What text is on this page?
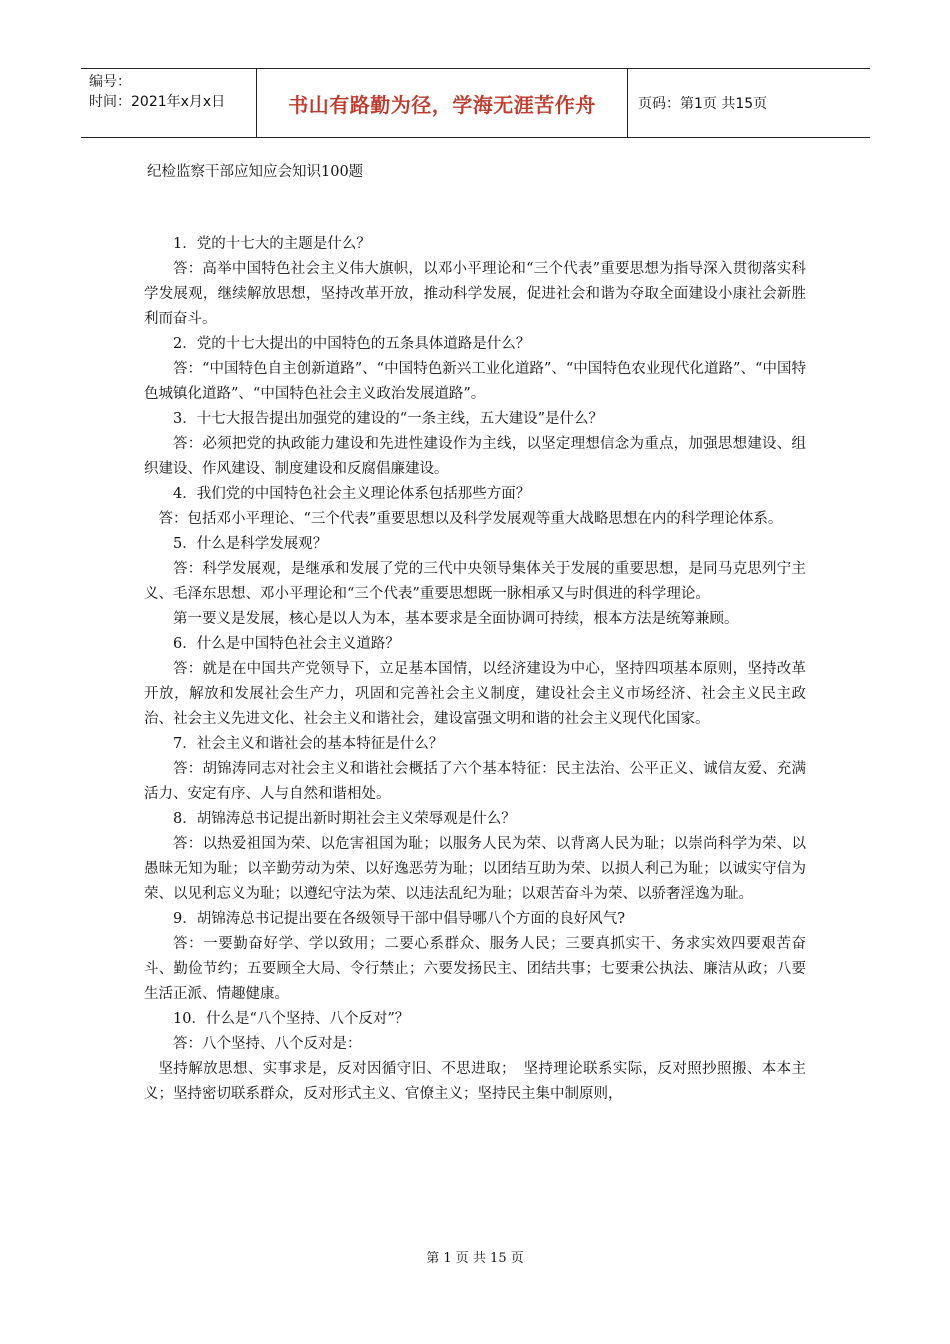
编号：
时间：2021年x月x日	书山有路勤为径，学海无涯苦作舟	页码：第1页 共15页
纪检监察干部应知应会知识100题

1．党的十七大的主题是什么？

答：高举中国特色社会主义伟大旗帜，以邓小平理论和“三个代表”重要思想为指导深入贯彻落实科学发展观，继续解放思想，坚持改革开放，推动科学发展，促进社会和谐为夺取全面建设小康社会新胜利而奋斗。

2．党的十七大提出的中国特色的五条具体道路是什么？

答：“中国特色自主创新道路”、“中国特色新兴工业化道路”、“中国特色农业现代化道路”、“中国特色城镇化道路”、“中国特色社会主义政治发展道路”。

3．十七大报告提出加强党的建设的“一条主线，五大建设”是什么？

答：必须把党的执政能力建设和先进性建设作为主线，以坚定理想信念为重点，加强思想建设、组织建设、作风建设、制度建设和反腐倡廉建设。

4．我们党的中国特色社会主义理论体系包括那些方面？

答：包括邓小平理论、“三个代表”重要思想以及科学发展观等重大战略思想在内的科学理论体系。

5．什么是科学发展观？

答：科学发展观，是继承和发展了党的三代中央领导集体关于发展的重要思想，是同马克思列宁主义、毛泽东思想、邓小平理论和“三个代表”重要思想既一脉相承又与时俱进的科学理论。

第一要义是发展，核心是以人为本，基本要求是全面协调可持续，根本方法是统筹兼顾。

6．什么是中国特色社会主义道路？

答：就是在中国共产党领导下，立足基本国情，以经济建设为中心，坚持四项基本原则，坚持改革开放，解放和发展社会生产力，巩固和完善社会主义制度，建设社会主义市场经济、社会主义民主政治、社会主义先进文化、社会主义和谐社会，建设富强文明和谐的社会主义现代化国家。

7．社会主义和谐社会的基本特征是什么？

答：胡锦涛同志对社会主义和谐社会概括了六个基本特征：民主法治、公平正义、诚信友爱、充满活力、安定有序、人与自然和谐相处。

8．胡锦涛总书记提出新时期社会主义荣辱观是什么？

答：以热爱祖国为荣、以危害祖国为耻；以服务人民为荣、以背离人民为耻；以崇尚科学为荣、以愚昧无知为耻；以辛勤劳动为荣、以好逸恶劳为耻；以团结互助为荣、以损人利己为耻；以诚实守信为荣、以见利忘义为耻；以遵纪守法为荣、以违法乱纪为耻；以艰苦奋斗为荣、以骄奢淫逸为耻。

9．胡锦涛总书记提出要在各级领导干部中倡导哪八个方面的良好风气?

答：一要勤奋好学、学以致用；二要心系群众、服务人民；三要真抓实干、务求实效四要艰苦奋斗、勤俭节约；五要顾全大局、令行禁止；六要发扬民主、团结共事；七要秉公执法、廉洁从政；八要生活正派、情趣健康。

10．什么是“八个坚持、八个反对”？

答：八个坚持、八个反对是：

坚持解放思想、实事求是，反对因循守旧、不思进取；　坚持理论联系实际，反对照抄照搬、本本主义；坚持密切联系群众，反对形式主义、官僚主义；坚持民主集中制原则，

第 1 页 共 15 页
